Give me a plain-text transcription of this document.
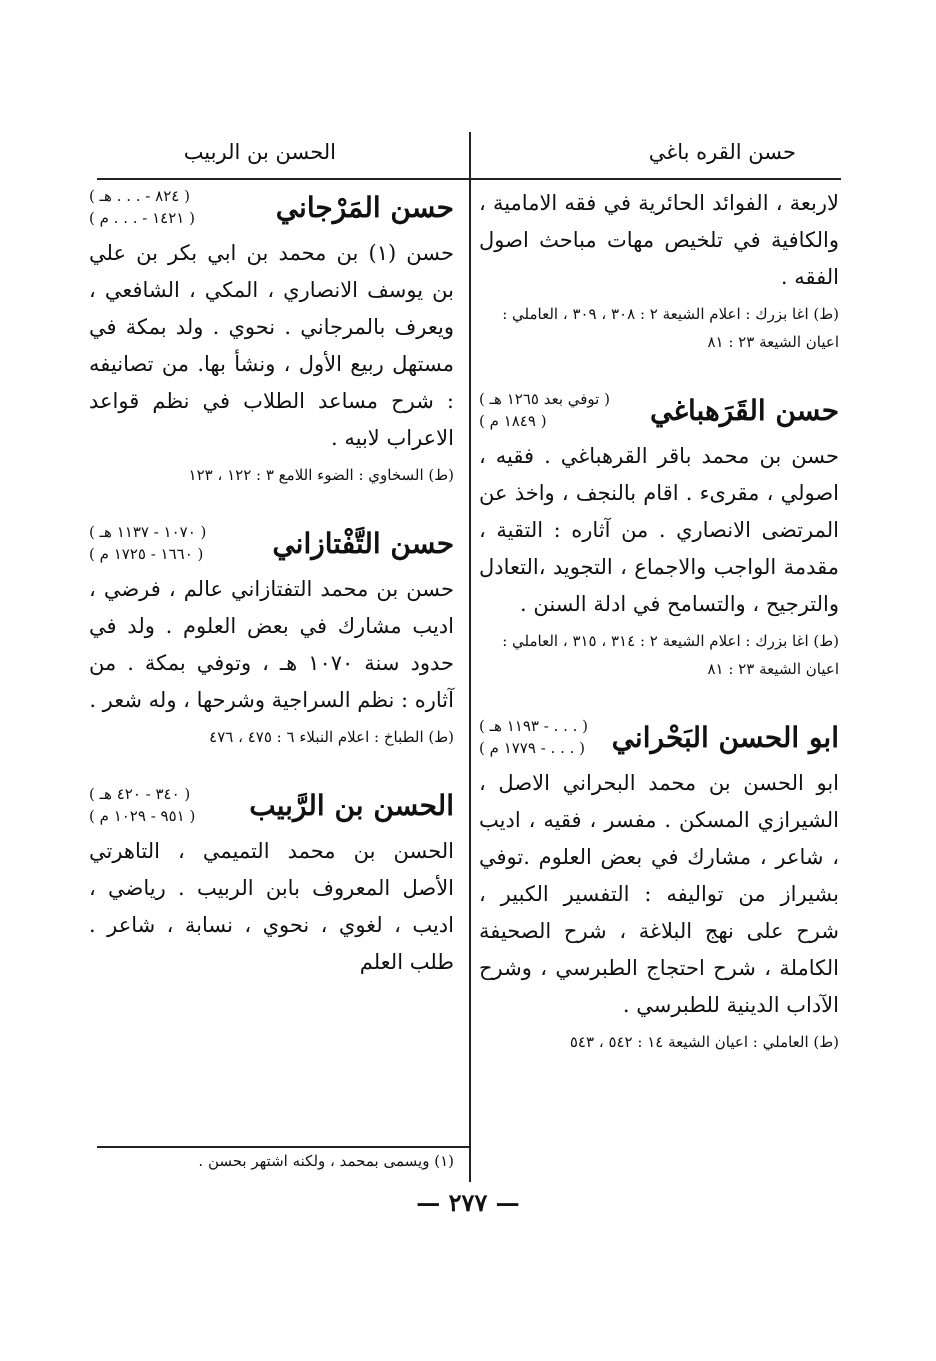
حسن القره باغي
الحسن بن الربيب

لاربعة ، الفوائد الحائرية في فقه الامامية ، والكافية في تلخيص مهات مباحث اصول الفقه .

(ط) اغا بزرك : اعلام الشيعة ٢ : ٣٠٨ ، ٣٠٩ ، العاملي : اعيان الشيعة ٢٣ : ٨١
حسن القَرَهباغي
( توفي بعد ١٢٦٥ هـ )
( ١٨٤٩ م )

حسن بن محمد باقر القرهباغي . فقيه ، اصولي ، مقرىء . اقام بالنجف ، واخذ عن المرتضى الانصاري . من آثاره : التقية ، مقدمة الواجب والاجماع ، التجويد ،التعادل والترجيح ، والتسامح في ادلة السنن .

(ط) اغا بزرك : اعلام الشيعة ٢ : ٣١٤ ، ٣١٥ ، العاملي : اعيان الشيعة ٢٣ : ٨١
ابو الحسن البَحْراني
( . . . - ١١٩٣ هـ )
( . . . - ١٧٧٩ م )

ابو الحسن بن محمد البحراني الاصل ، الشيرازي المسكن . مفسر ، فقيه ، اديب ، شاعر ، مشارك في بعض العلوم .توفي بشيراز من تواليفه : التفسير الكبير ، شرح على نهج البلاغة ، شرح الصحيفة الكاملة ، شرح احتجاج الطبرسي ، وشرح الآداب الدينية للطبرسي .

(ط) العاملي : اعيان الشيعة ١٤ : ٥٤٢ ، ٥٤٣
حسن المَرْجاني
( ٨٢٤ - . . . هـ )
( ١٤٢١ - . . . م )

حسن (١) بن محمد بن ابي بكر بن علي بن يوسف الانصاري ، المكي ، الشافعي ، ويعرف بالمرجاني . نحوي . ولد بمكة في مستهل ربيع الأول ، ونشأ بها. من تصانيفه : شرح مساعد الطلاب في نظم قواعد الاعراب لابيه .

(ط) السخاوي : الضوء اللامع ٣ : ١٢٢ ، ١٢٣
حسن التَّفْتازاني
( ١٠٧٠ - ١١٣٧ هـ )
( ١٦٦٠ - ١٧٢٥ م )

حسن بن محمد التفتازاني عالم ، فرضي ، اديب مشارك في بعض العلوم . ولد في حدود سنة ١٠٧٠ هـ ، وتوفي بمكة . من آثاره : نظم السراجية وشرحها ، وله شعر .

(ط) الطباخ : اعلام النبلاء ٦ : ٤٧٥ ، ٤٧٦
الحسن بن الرَّبيب
( ٣٤٠ - ٤٢٠ هـ )
( ٩٥١ - ١٠٢٩ م )

الحسن بن محمد التميمي ، التاهرتي الأصل المعروف بابن الربيب . رياضي ، اديب ، لغوي ، نحوي ، نسابة ، شاعر . طلب العلم

(١) ويسمى بمحمد ، ولكنه اشتهر بحسن .
— ٢٧٧ —
